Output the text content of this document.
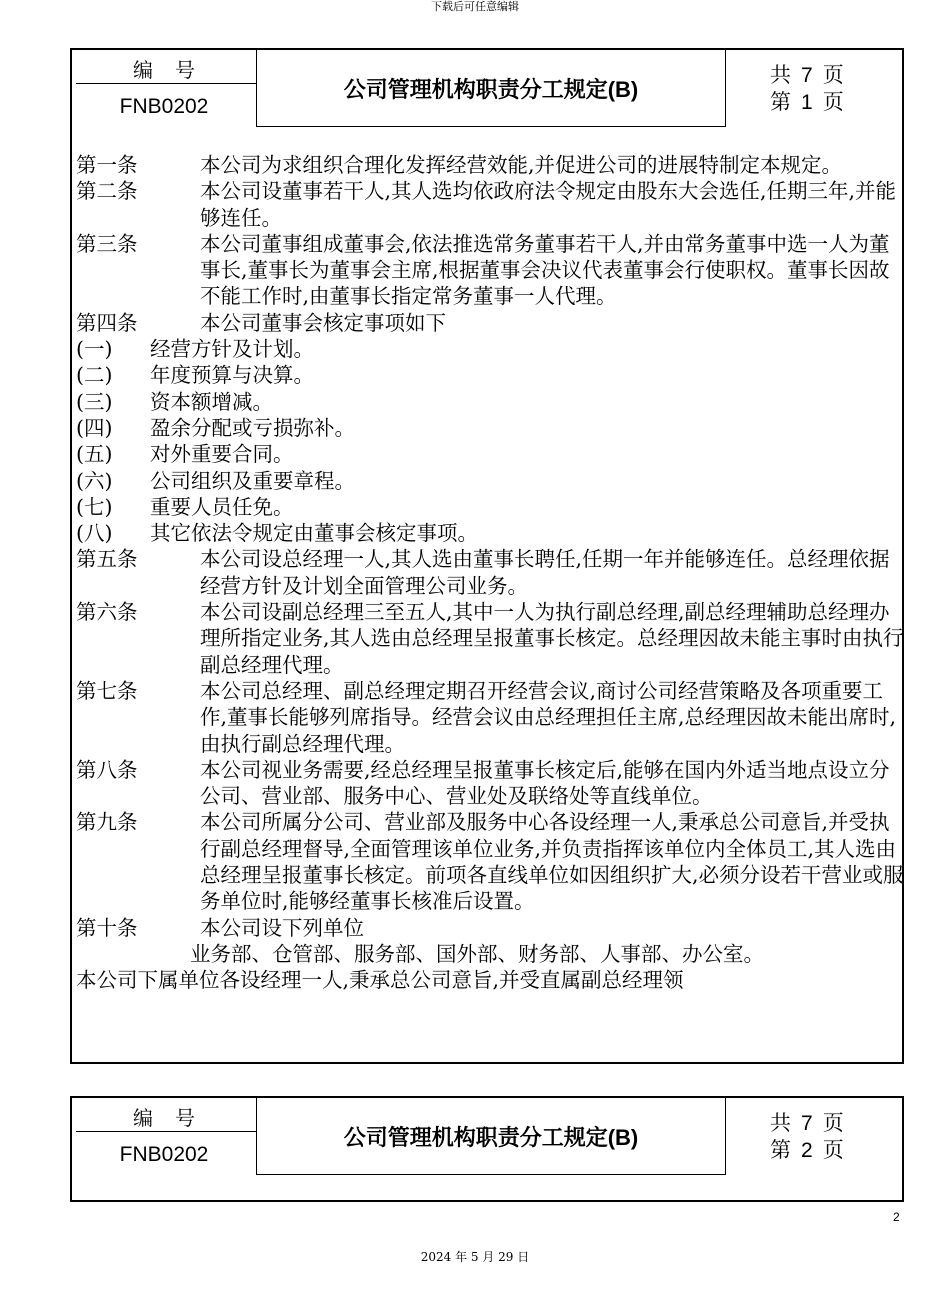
下载后可任意编辑
编号
FNB0202
公司管理机构职责分工规定(B)
共 7 页
第 1 页
第一条	本公司为求组织合理化发挥经营效能,并促进公司的进展特制定本规定。
第二条	本公司设董事若干人,其人选均依政府法令规定由股东大会选任,任期三年,并能够连任。
第三条	本公司董事组成董事会,依法推选常务董事若干人,并由常务董事中选一人为董事长,董事长为董事会主席,根据董事会决议代表董事会行使职权。董事长因故不能工作时,由董事长指定常务董事一人代理。
第四条	本公司董事会核定事项如下
(一) 经营方针及计划。
(二) 年度预算与决算。
(三) 资本额增减。
(四) 盈余分配或亏损弥补。
(五) 对外重要合同。
(六) 公司组织及重要章程。
(七) 重要人员任免。
(八) 其它依法令规定由董事会核定事项。
第五条	本公司设总经理一人,其人选由董事长聘任,任期一年并能够连任。总经理依据经营方针及计划全面管理公司业务。
第六条	本公司设副总经理三至五人,其中一人为执行副总经理,副总经理辅助总经理办理所指定业务,其人选由总经理呈报董事长核定。总经理因故未能主事时由执行副总经理代理。
第七条	本公司总经理、副总经理定期召开经营会议,商讨公司经营策略及各项重要工作,董事长能够列席指导。经营会议由总经理担任主席,总经理因故未能出席时,由执行副总经理代理。
第八条	本公司视业务需要,经总经理呈报董事长核定后,能够在国内外适当地点设立分公司、营业部、服务中心、营业处及联络处等直线单位。
第九条	本公司所属分公司、营业部及服务中心各设经理一人,秉承总公司意旨,并受执行副总经理督导,全面管理该单位业务,并负责指挥该单位内全体员工,其人选由总经理呈报董事长核定。前项各直线单位如因组织扩大,必须分设若干营业或服务单位时,能够经董事长核准后设置。
第十条	本公司设下列单位
业务部、仓管部、服务部、国外部、财务部、人事部、办公室。
本公司下属单位各设经理一人,秉承总公司意旨,并受直属副总经理领
编号
FNB0202
公司管理机构职责分工规定(B)
共 7 页
第 2 页
2
2024 年 5 月 29 日
